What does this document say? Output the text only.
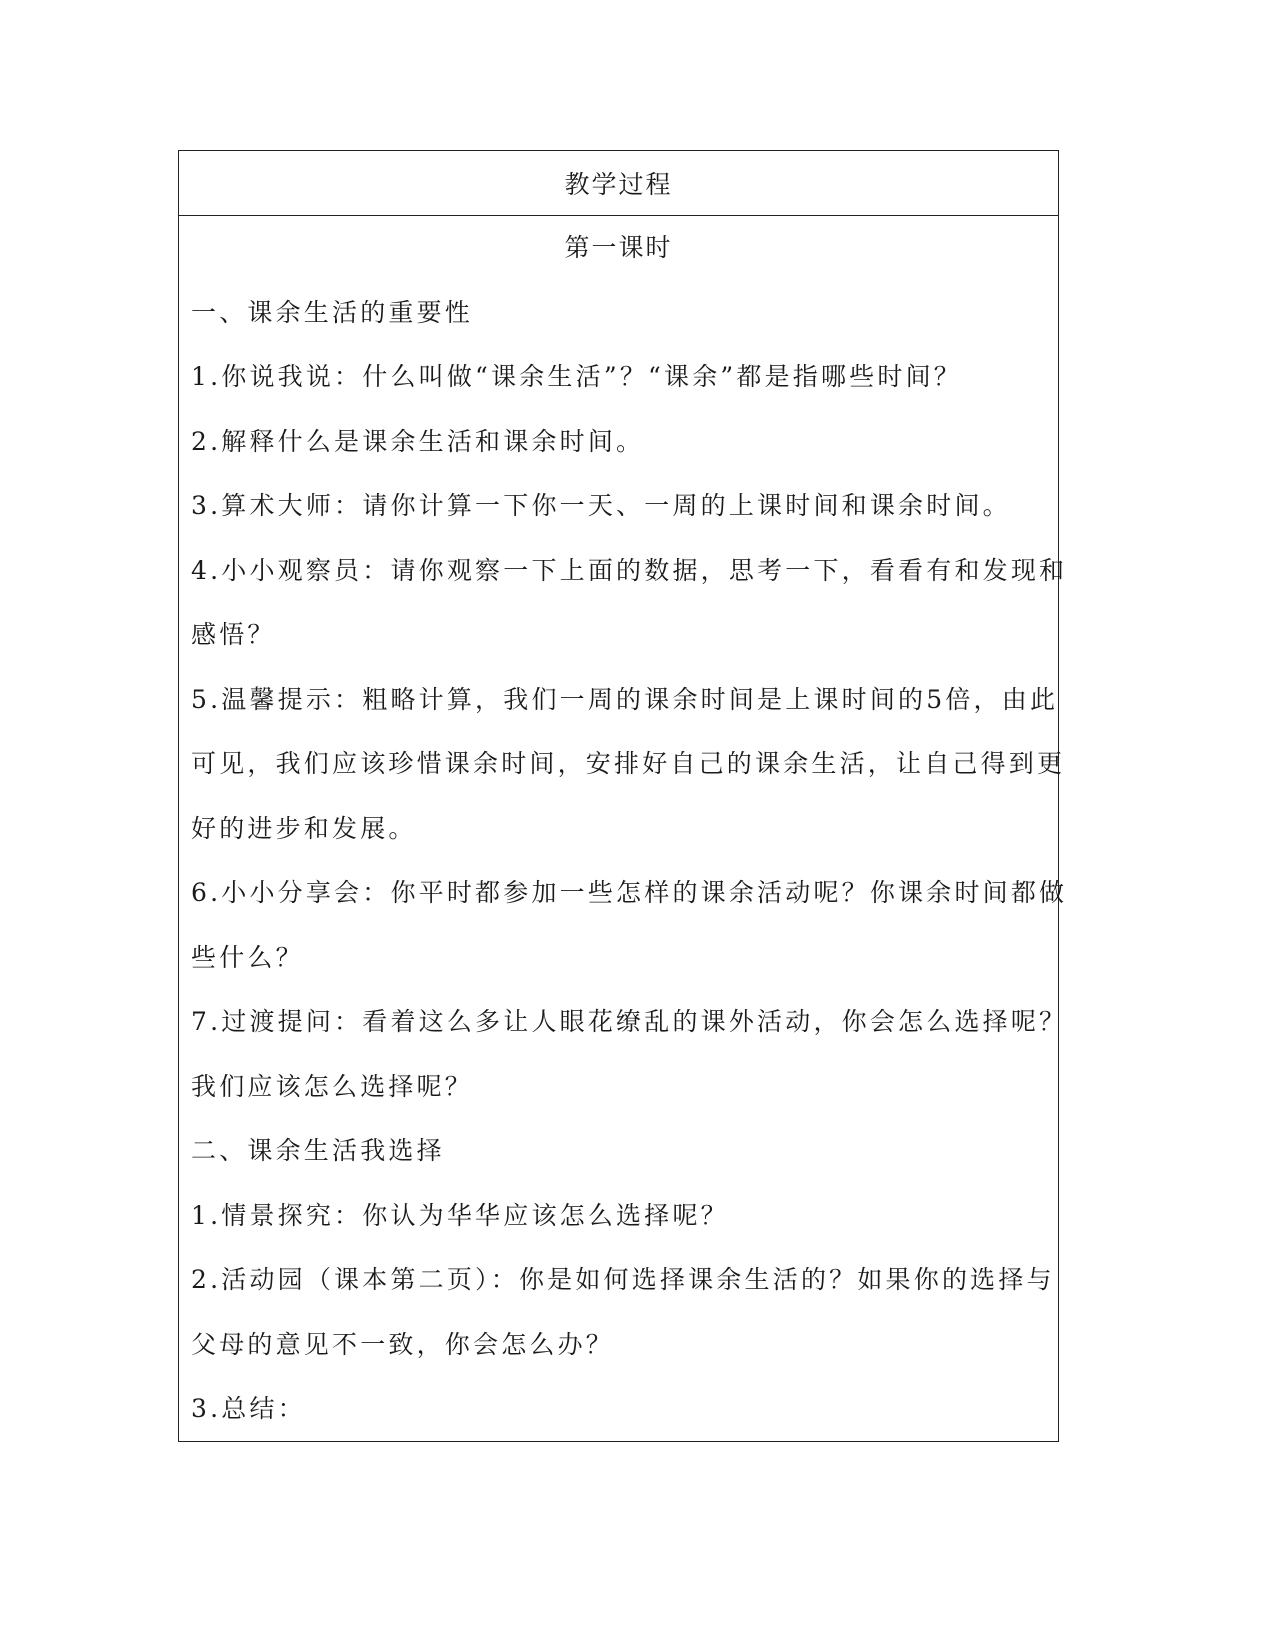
教学过程
第一课时
一、课余生活的重要性
1.你说我说：什么叫做“课余生活”？“课余”都是指哪些时间？
2.解释什么是课余生活和课余时间。
3.算术大师：请你计算一下你一天、一周的上课时间和课余时间。
4.小小观察员：请你观察一下上面的数据，思考一下，看看有和发现和
感悟？
5.温馨提示：粗略计算，我们一周的课余时间是上课时间的5倍，由此
可见，我们应该珍惜课余时间，安排好自己的课余生活，让自己得到更
好的进步和发展。
6.小小分享会：你平时都参加一些怎样的课余活动呢？你课余时间都做
些什么？
7.过渡提问：看着这么多让人眼花缭乱的课外活动，你会怎么选择呢？
我们应该怎么选择呢？
二、课余生活我选择
1.情景探究：你认为华华应该怎么选择呢？
2.活动园（课本第二页）：你是如何选择课余生活的？如果你的选择与
父母的意见不一致，你会怎么办？
3.总结：
